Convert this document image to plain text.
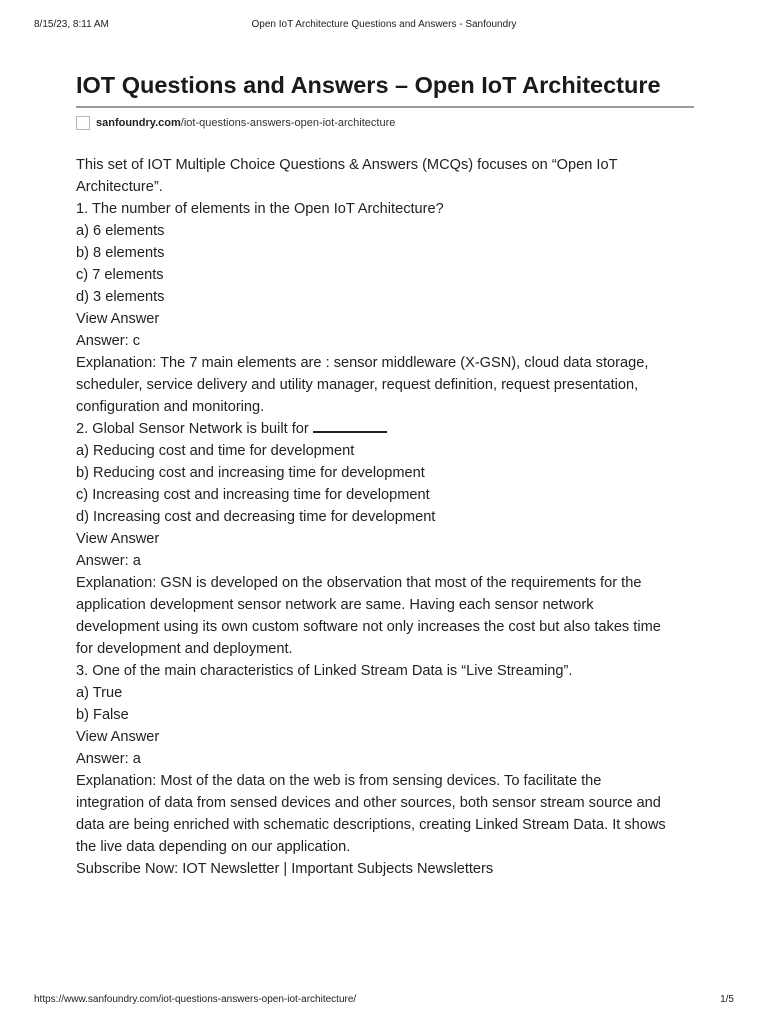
8/15/23, 8:11 AM	Open IoT Architecture Questions and Answers - Sanfoundry
IOT Questions and Answers – Open IoT Architecture
sanfoundry.com /iot-questions-answers-open-iot-architecture

This set of IOT Multiple Choice Questions & Answers (MCQs) focuses on “Open IoT
Architecture”.

1. The number of elements in the Open IoT Architecture?

a) 6 elements

b) 8 elements

c) 7 elements

d) 3 elements

View Answer

Answer: c

Explanation: The 7 main elements are : sensor middleware (X-GSN), cloud data storage,
scheduler, service delivery and utility manager, request definition, request presentation,
configuration and monitoring.

2. Global Sensor Network is built for

a) Reducing cost and time for development

b) Reducing cost and increasing time for development

c) Increasing cost and increasing time for development

d) Increasing cost and decreasing time for development

View Answer

Answer: a

Explanation: GSN is developed on the observation that most of the requirements for the
application development sensor network are same. Having each sensor network
development using its own custom software not only increases the cost but also takes time
for development and deployment.

3. One of the main characteristics of Linked Stream Data is “Live Streaming”.

a) True

b) False

View Answer

Answer: a

Explanation: Most of the data on the web is from sensing devices. To facilitate the
integration of data from sensed devices and other sources, both sensor stream source and
data are being enriched with schematic descriptions, creating Linked Stream Data. It shows
the live data depending on our application.

Subscribe Now: IOT Newsletter | Important Subjects Newsletters

https://www.sanfoundry.com/iot-questions-answers-open-iot-architecture/	1/5
